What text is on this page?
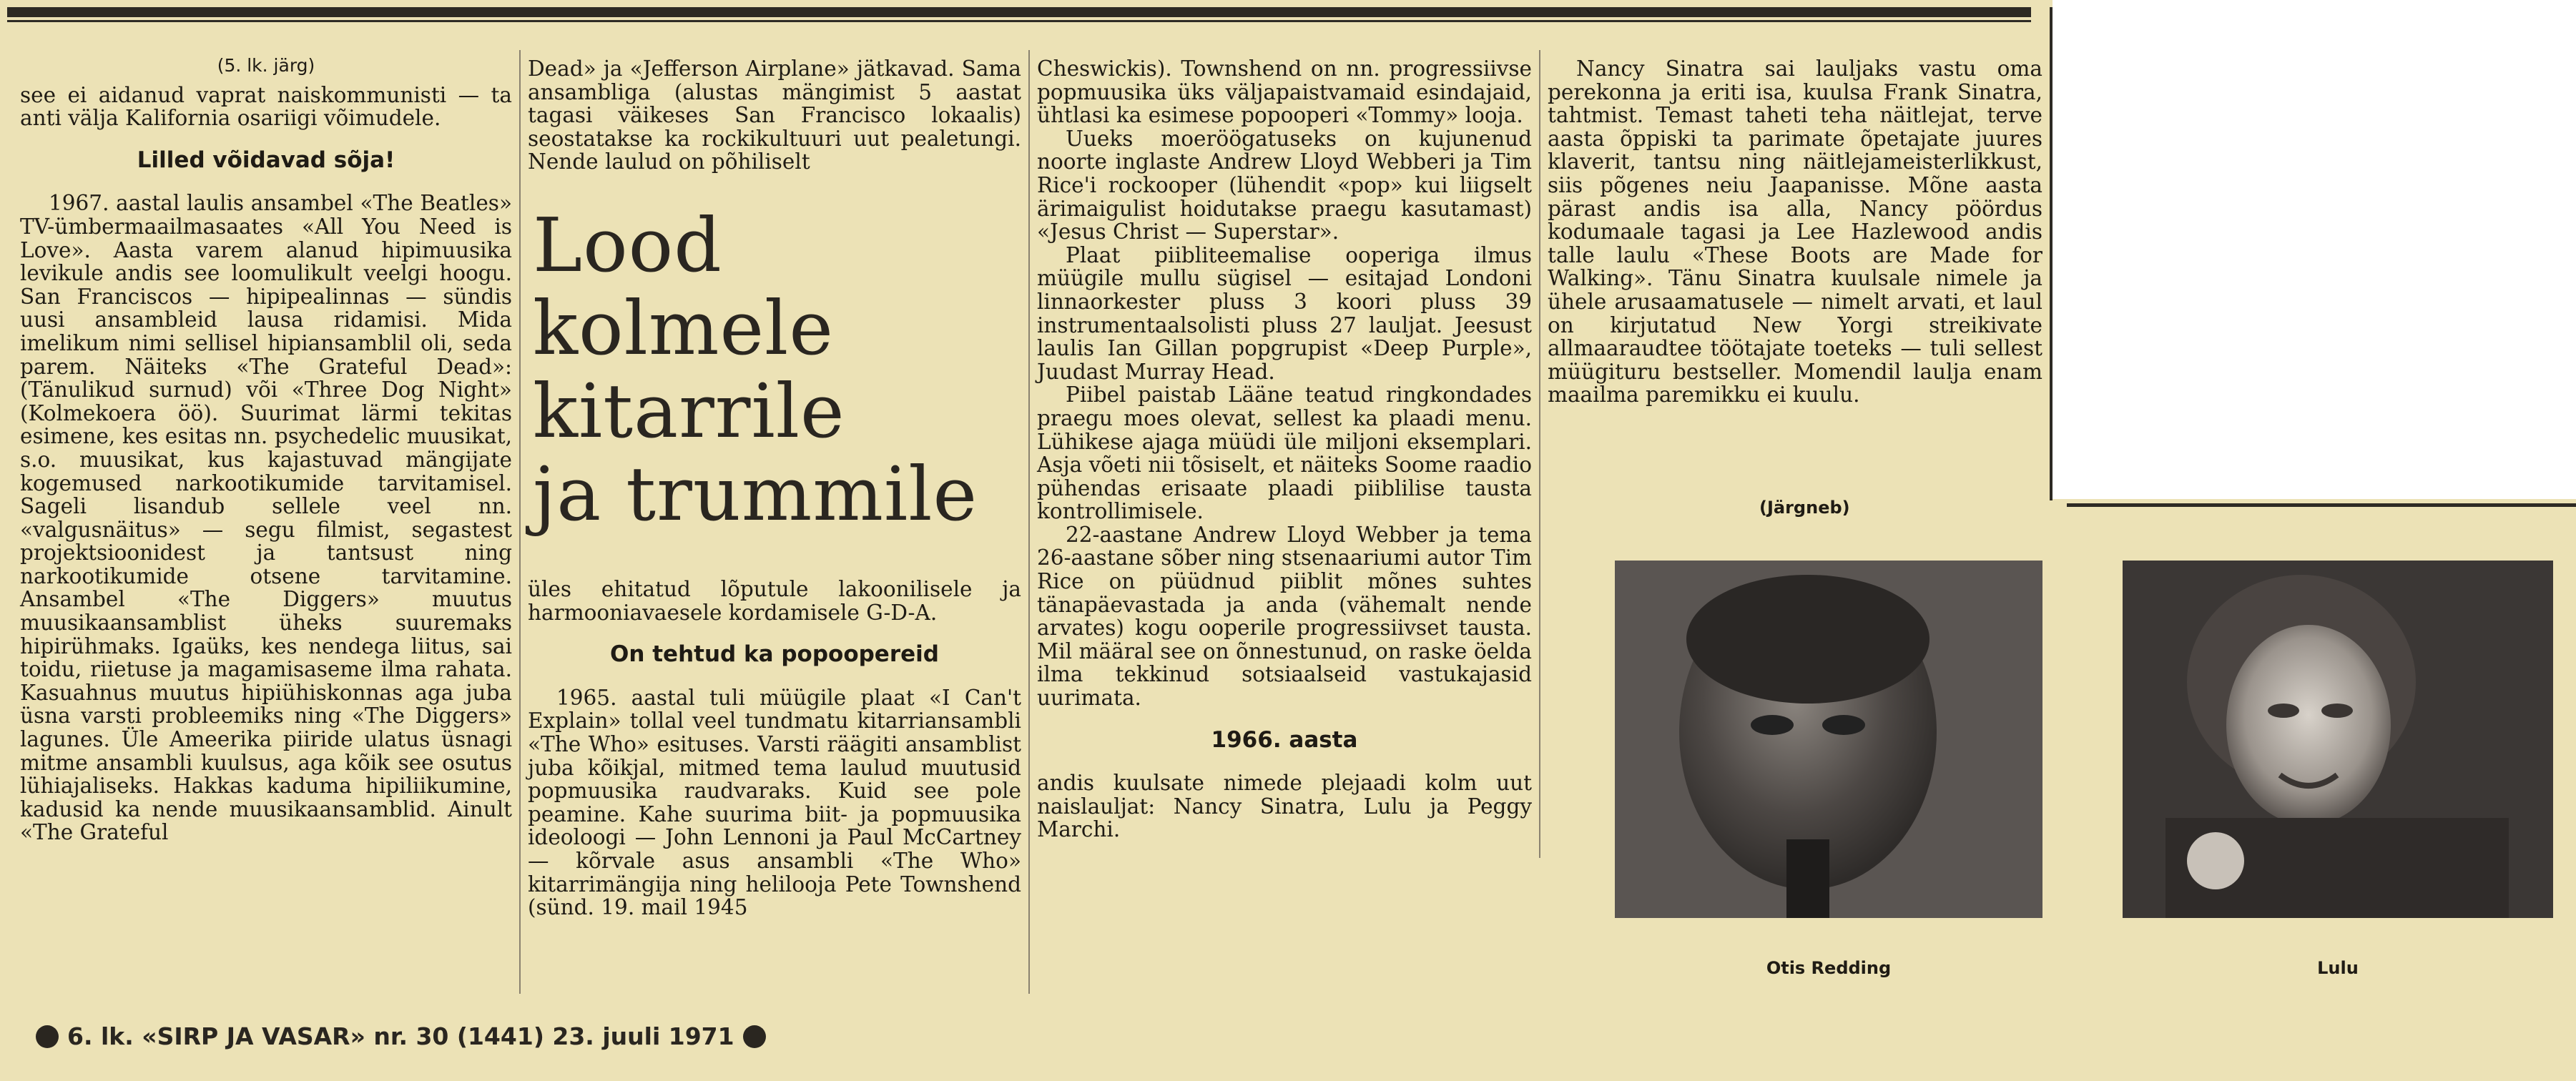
(5. lk. järg)

see ei aidanud vaprat naiskommunisti — ta anti välja Kalifornia osariigi võimudele.

Lilled võidavad sõja!

1967. aastal laulis ansambel «The Beatles» TV-ümbermaailmasaates «All You Need is Love». Aasta varem alanud hipimuusika levikule andis see loomulikult veelgi hoogu. San Franciscos — hipipealinnas — sündis uusi ansambleid lausa ridamisi. Mida imelikum nimi sellisel hipiansamblil oli, seda parem. Näiteks «The Grateful Dead»: (Tänulikud surnud) või «Three Dog Night» (Kolmekoera öö). Suurimat lärmi tekitas esimene, kes esitas nn. psychedelic muusikat, s.o. muusikat, kus kajastuvad mängijate kogemused narkootikumide tarvitamisel. Sageli lisandub sellele veel nn. «valgusnäitus» — segu filmist, segastest projektsioonidest ja tantsust ning narkootikumide otsene tarvitamine. Ansambel «The Diggers» muutus muusikaansamblist üheks suuremaks hipirühmaks. Igaüks, kes nendega liitus, sai toidu, riietuse ja magamisaseme ilma rahata. Kasuahnus muutus hipiühiskonnas aga juba üsna varsti probleemiks ning «The Diggers» lagunes. Üle Ameerika piiride ulatus üsnagi mitme ansambli kuulsus, aga kõik see osutus lühiajaliseks. Hakkas kaduma hipiliikumine, kadusid ka nende muusikaansamblid. Ainult «The Grateful

Dead» ja «Jefferson Airplane» jätkavad. Sama ansambliga (alustas mängimist 5 aastat tagasi väikeses San Francisco lokaalis) seostatakse ka rockikultuuri uut pealetungi. Nende laulud on põhiliselt

Lood
kolmele
kitarrile
ja trummile

üles ehitatud lõputule lakoonilisele ja harmooniavaesele kordamisele G-D-A.

On tehtud ka popoopereid

1965. aastal tuli müügile plaat «I Can't Explain» tollal veel tundmatu kitarriansambli «The Who» esituses. Varsti räägiti ansamblist juba kõikjal, mitmed tema laulud muutusid popmuusika raudvaraks. Kuid see pole peamine. Kahe suurima biit- ja popmuusika ideoloogi — John Lennoni ja Paul McCartney — kõrvale asus ansambli «The Who» kitarrimängija ning helilooja Pete Townshend (sünd. 19. mail 1945

Cheswickis). Townshend on nn. progressiivse popmuusika üks väljapaistvamaid esindajaid, ühtlasi ka esimese popooperi «Tommy» looja.

Uueks moeröögatuseks on kujunenud noorte inglaste Andrew Lloyd Webberi ja Tim Rice'i rockooper (lühendit «pop» kui liigselt ärimaigulist hoidutakse praegu kasutamast) «Jesus Christ — Superstar».

Plaat piibliteemalise ooperiga ilmus müügile mullu sügisel — esitajad Londoni linnaorkester pluss 3 koori pluss 39 instrumentaalsolisti pluss 27 lauljat. Jeesust laulis Ian Gillan popgrupist «Deep Purple», Juudast Murray Head.

Piibel paistab Lääne teatud ringkondades praegu moes olevat, sellest ka plaadi menu. Lühikese ajaga müüdi üle miljoni eksemplari. Asja võeti nii tõsiselt, et näiteks Soome raadio pühendas erisaate plaadi piiblilise tausta kontrollimisele.

22-aastane Andrew Lloyd Webber ja tema 26-aastane sõber ning stsenaariumi autor Tim Rice on püüdnud piiblit mõnes suhtes tänapäevastada ja anda (vähemalt nende arvates) kogu ooperile progressiivset tausta. Mil määral see on õnnestunud, on raske öelda ilma tekkinud sotsiaalseid vastukajasid uurimata.

1966. aasta

andis kuulsate nimede plejaadi kolm uut naislauljat: Nancy Sinatra, Lulu ja Peggy Marchi.

Nancy Sinatra sai lauljaks vastu oma perekonna ja eriti isa, kuulsa Frank Sinatra, tahtmist. Temast taheti teha näitlejat, terve aasta õppiski ta parimate õpetajate juures klaverit, tantsu ning näitlejameisterlikkust, siis põgenes neiu Jaapanisse. Mõne aasta pärast andis isa alla, Nancy pöördus kodumaale tagasi ja Lee Hazlewood andis talle laulu «These Boots are Made for Walking». Tänu Sinatra kuulsale nimele ja ühele arusaamatusele — nimelt arvati, et laul on kirjutatud New Yorgi streikivate allmaaraudtee töötajate toeteks — tuli sellest müügituru bestseller. Momendil laulja enam maailma paremikku ei kuulu.

(Järgneb)
Otis Redding	Lulu
6. lk. «SIRP JA VASAR» nr. 30 (1441) 23. juuli 1971
